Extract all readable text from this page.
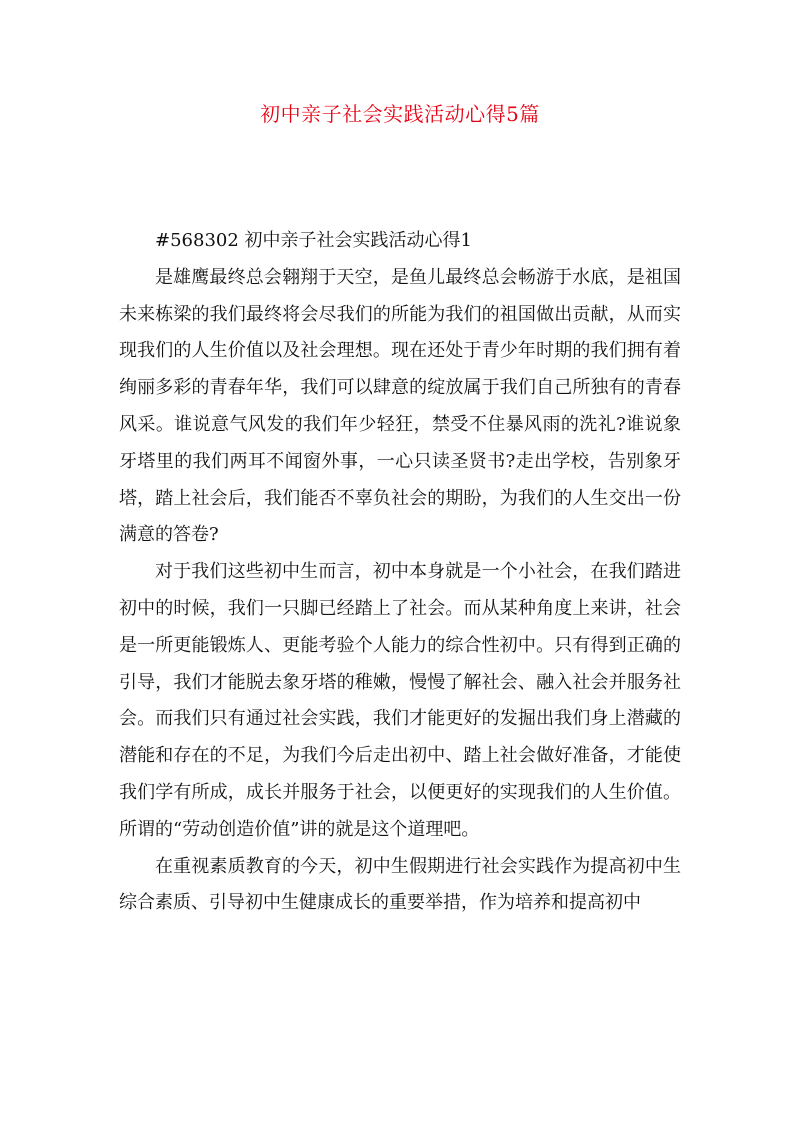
初中亲子社会实践活动心得5篇

#568302 初中亲子社会实践活动心得1

是雄鹰最终总会翱翔于天空，是鱼儿最终总会畅游于水底，是祖国未来栋梁的我们最终将会尽我们的所能为我们的祖国做出贡献，从而实现我们的人生价值以及社会理想。现在还处于青少年时期的我们拥有着绚丽多彩的青春年华，我们可以肆意的绽放属于我们自己所独有的青春风采。谁说意气风发的我们年少轻狂，禁受不住暴风雨的洗礼?谁说象牙塔里的我们两耳不闻窗外事，一心只读圣贤书?走出学校，告别象牙塔，踏上社会后，我们能否不辜负社会的期盼，为我们的人生交出一份满意的答卷?

对于我们这些初中生而言，初中本身就是一个小社会，在我们踏进初中的时候，我们一只脚已经踏上了社会。而从某种角度上来讲，社会是一所更能锻炼人、更能考验个人能力的综合性初中。只有得到正确的引导，我们才能脱去象牙塔的稚嫩，慢慢了解社会、融入社会并服务社会。而我们只有通过社会实践，我们才能更好的发掘出我们身上潜藏的潜能和存在的不足，为我们今后走出初中、踏上社会做好准备，才能使我们学有所成，成长并服务于社会，以便更好的实现我们的人生价值。所谓的“劳动创造价值”讲的就是这个道理吧。

在重视素质教育的今天，初中生假期进行社会实践作为提高初中生综合素质、引导初中生健康成长的重要举措，作为培养和提高初中
